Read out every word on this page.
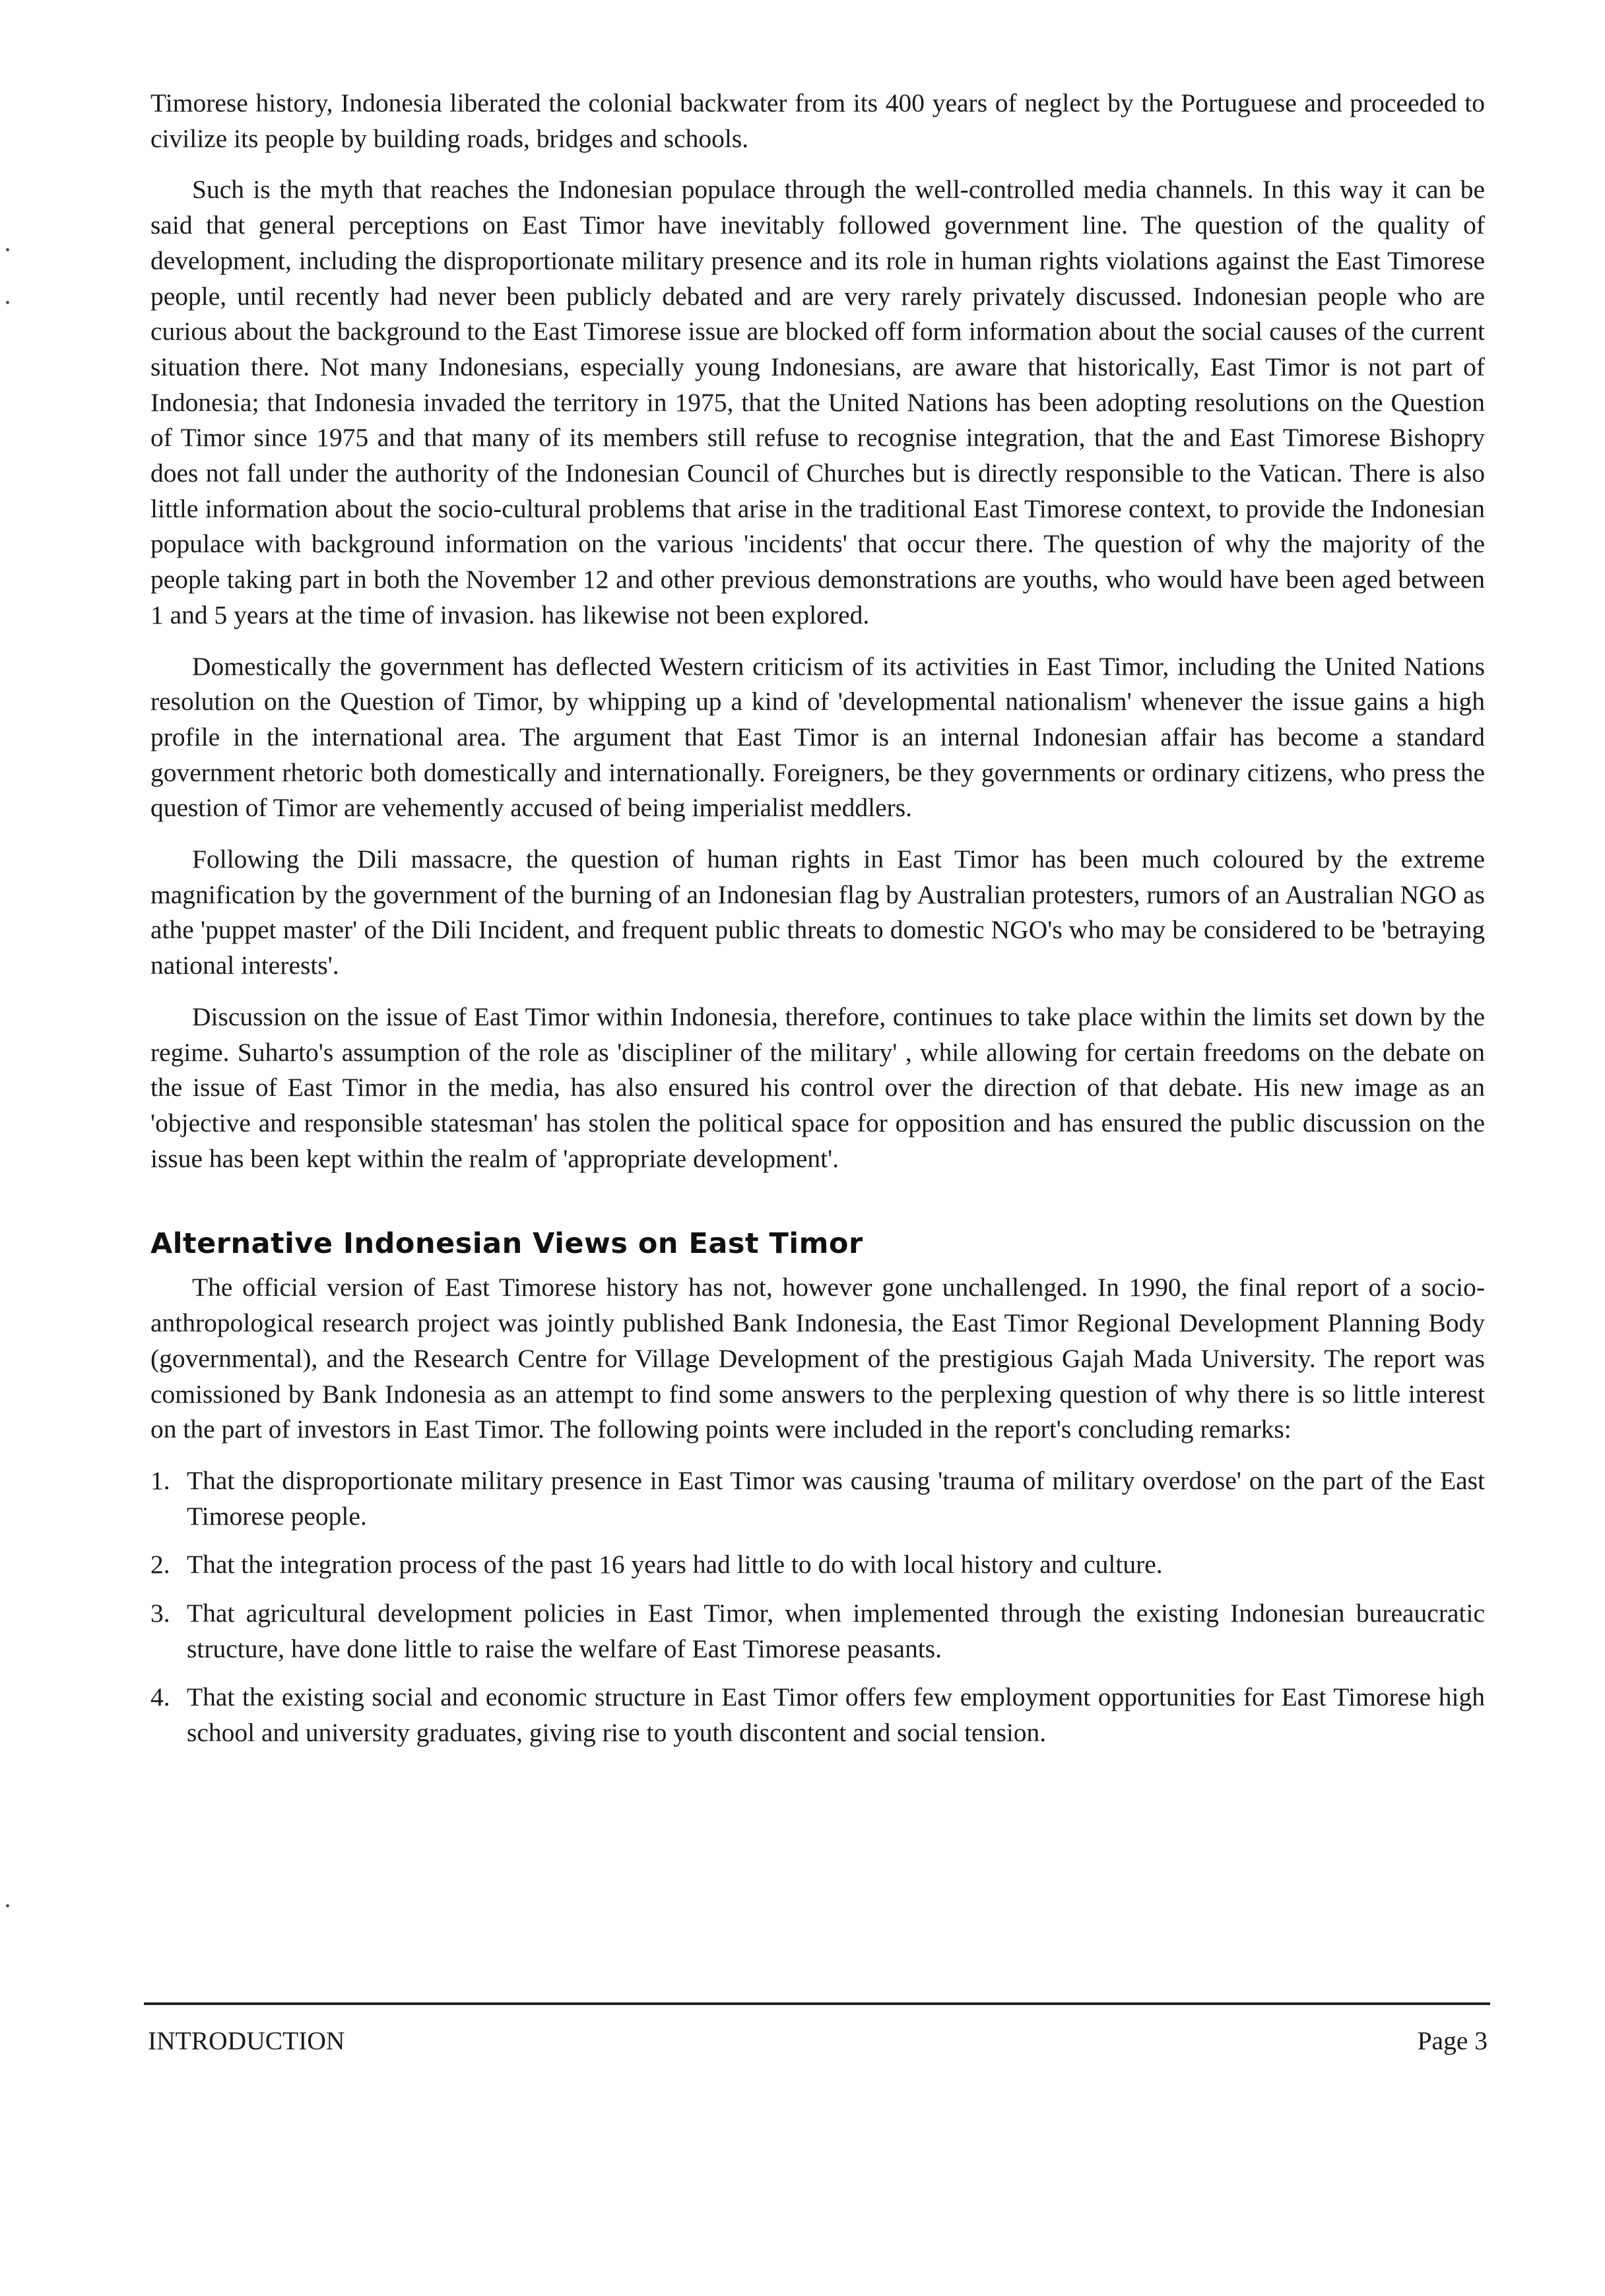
Timorese history, Indonesia liberated the colonial backwater from its 400 years of neglect by the Portuguese and proceeded to civilize its people by building roads, bridges and schools.

Such is the myth that reaches the Indonesian populace through the well-controlled media channels. In this way it can be said that general perceptions on East Timor have inevitably followed government line. The question of the quality of development, including the disproportionate military presence and its role in human rights violations against the East Timorese people, until recently had never been publicly debated and are very rarely privately discussed. Indonesian people who are curious about the background to the East Timorese issue are blocked off form information about the social causes of the current situation there. Not many Indonesians, especially young Indonesians, are aware that historically, East Timor is not part of Indonesia; that Indonesia invaded the territory in 1975, that the United Nations has been adopting resolutions on the Question of Timor since 1975 and that many of its members still refuse to recognise integration, that the and East Timorese Bishopry does not fall under the authority of the Indonesian Council of Churches but is directly responsible to the Vatican. There is also little information about the socio-cultural problems that arise in the traditional East Timorese context, to provide the Indonesian populace with background information on the various 'incidents' that occur there. The question of why the majority of the people taking part in both the November 12 and other previous demonstrations are youths, who would have been aged between 1 and 5 years at the time of invasion. has likewise not been explored.

Domestically the government has deflected Western criticism of its activities in East Timor, including the United Nations resolution on the Question of Timor, by whipping up a kind of 'developmental nationalism' whenever the issue gains a high profile in the international area. The argument that East Timor is an internal Indonesian affair has become a standard government rhetoric both domestically and internationally. Foreigners, be they governments or ordinary citizens, who press the question of Timor are vehemently accused of being imperialist meddlers.

Following the Dili massacre, the question of human rights in East Timor has been much coloured by the extreme magnification by the government of the burning of an Indonesian flag by Australian protesters, rumors of an Australian NGO as athe 'puppet master' of the Dili Incident, and frequent public threats to domestic NGO's who may be considered to be 'betraying national interests'.

Discussion on the issue of East Timor within Indonesia, therefore, continues to take place within the limits set down by the regime. Suharto's assumption of the role as 'discipliner of the military' , while allowing for certain freedoms on the debate on the issue of East Timor in the media, has also ensured his control over the direction of that debate. His new image as an 'objective and responsible statesman' has stolen the political space for opposition and has ensured the public discussion on the issue has been kept within the realm of 'appropriate development'.

Alternative Indonesian Views on East Timor

The official version of East Timorese history has not, however gone unchallenged. In 1990, the final report of a socio-anthropological research project was jointly published Bank Indonesia, the East Timor Regional Development Planning Body (governmental), and the Research Centre for Village Development of the prestigious Gajah Mada University. The report was comissioned by Bank Indonesia as an attempt to find some answers to the perplexing question of why there is so little interest on the part of investors in East Timor. The following points were included in the report's concluding remarks:

1. That the disproportionate military presence in East Timor was causing 'trauma of military overdose' on the part of the East Timorese people.
2. That the integration process of the past 16 years had little to do with local history and culture.
3. That agricultural development policies in East Timor, when implemented through the existing Indonesian bureaucratic structure, have done little to raise the welfare of East Timorese peasants.
4. That the existing social and economic structure in East Timor offers few employment opportunities for East Timorese high school and university graduates, giving rise to youth discontent and social tension.
INTRODUCTION	Page 3
